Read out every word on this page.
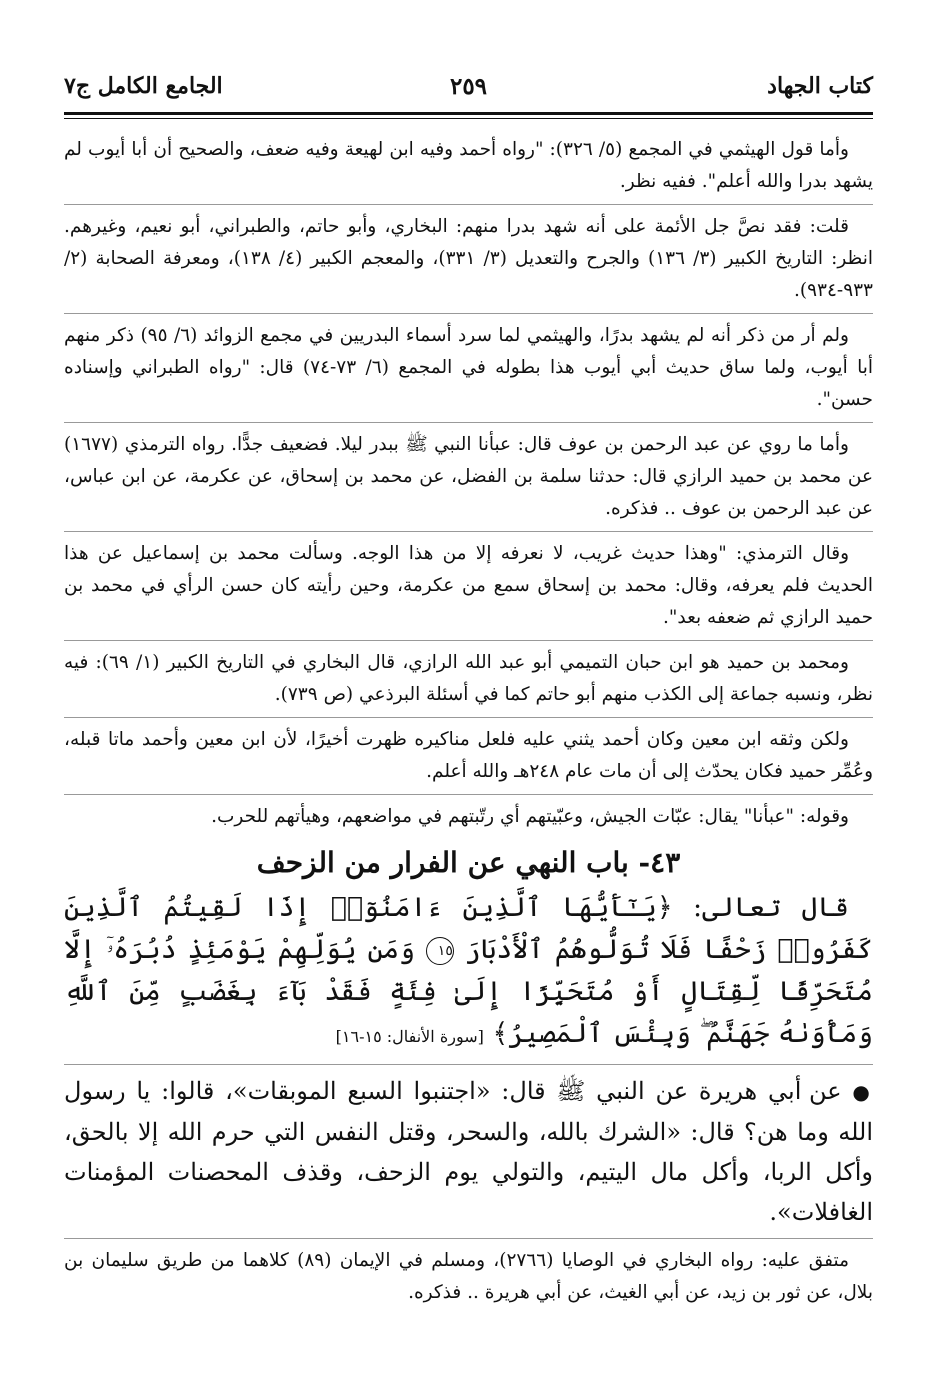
كتاب الجهاد
٢٥٩
الجامع الكامل ج٧

وأما قول الهيثمي في المجمع (٥/ ٣٢٦): "رواه أحمد وفيه ابن لهيعة وفيه ضعف، والصحيح أن أبا أيوب لم يشهد بدرا والله أعلم". ففيه نظر.

قلت: فقد نصَّ جل الأئمة على أنه شهد بدرا منهم: البخاري، وأبو حاتم، والطبراني، أبو نعيم، وغيرهم. انظر: التاريخ الكبير (٣/ ١٣٦) والجرح والتعديل (٣/ ٣٣١)، والمعجم الكبير (٤/ ١٣٨)، ومعرفة الصحابة (٢/ ٩٣٣-٩٣٤).

ولم أر من ذكر أنه لم يشهد بدرًا، والهيثمي لما سرد أسماء البدريين في مجمع الزوائد (٦/ ٩٥) ذكر منهم أبا أيوب، ولما ساق حديث أبي أيوب هذا بطوله في المجمع (٦/ ٧٣-٧٤) قال: "رواه الطبراني وإسناده حسن".

وأما ما روي عن عبد الرحمن بن عوف قال: عبأنا النبي ﷺ ببدر ليلا. فضعيف جدًّا. رواه الترمذي (١٦٧٧) عن محمد بن حميد الرازي قال: حدثنا سلمة بن الفضل، عن محمد بن إسحاق، عن عكرمة، عن ابن عباس، عن عبد الرحمن بن عوف .. فذكره.

وقال الترمذي: "وهذا حديث غريب، لا نعرفه إلا من هذا الوجه. وسألت محمد بن إسماعيل عن هذا الحديث فلم يعرفه، وقال: محمد بن إسحاق سمع من عكرمة، وحين رأيته كان حسن الرأي في محمد بن حميد الرازي ثم ضعفه بعد".

ومحمد بن حميد هو ابن حبان التميمي أبو عبد الله الرازي، قال البخاري في التاريخ الكبير (١/ ٦٩): فيه نظر، ونسبه جماعة إلى الكذب منهم أبو حاتم كما في أسئلة البرذعي (ص ٧٣٩).

ولكن وثقه ابن معين وكان أحمد يثني عليه فلعل مناكيره ظهرت أخيرًا، لأن ابن معين وأحمد ماتا قبله، وعُمِّر حميد فكان يحدّث إلى أن مات عام ٢٤٨هـ والله أعلم.

وقوله: "عبأنا" يقال: عبّات الجيش، وعبّيتهم أي رتّبتهم في مواضعهم، وهيأتهم للحرب.

٤٣- باب النهي عن الفرار من الزحف

قال تعالى: ﴿يَـٰٓأَيُّهَا ٱلَّذِينَ ءَامَنُوٓا۟ إِذَا لَقِيتُمُ ٱلَّذِينَ كَفَرُوا۟ زَحْفًا فَلَا تُوَلُّوهُمُ ٱلْأَدْبَارَ ١٥ وَمَن يُوَلِّهِمْ يَوْمَئِذٍ دُبُرَهُۥٓ إِلَّا مُتَحَرِّفًا لِّقِتَالٍ أَوْ مُتَحَيِّزًا إِلَىٰ فِئَةٍ فَقَدْ بَآءَ بِغَضَبٍ مِّنَ ٱللَّهِ وَمَأْوَىٰهُ جَهَنَّمُ ۖ وَبِئْسَ ٱلْمَصِيرُ﴾ [سورة الأنفال: ١٥-١٦]

● عن أبي هريرة عن النبي ﷺ قال: «اجتنبوا السبع الموبقات»، قالوا: يا رسول الله وما هن؟ قال: «الشرك بالله، والسحر، وقتل النفس التي حرم الله إلا بالحق، وأكل الربا، وأكل مال اليتيم، والتولي يوم الزحف، وقذف المحصنات المؤمنات الغافلات».

متفق عليه: رواه البخاري في الوصايا (٢٧٦٦)، ومسلم في الإيمان (٨٩) كلاهما من طريق سليمان بن بلال، عن ثور بن زيد، عن أبي الغيث، عن أبي هريرة .. فذكره.
